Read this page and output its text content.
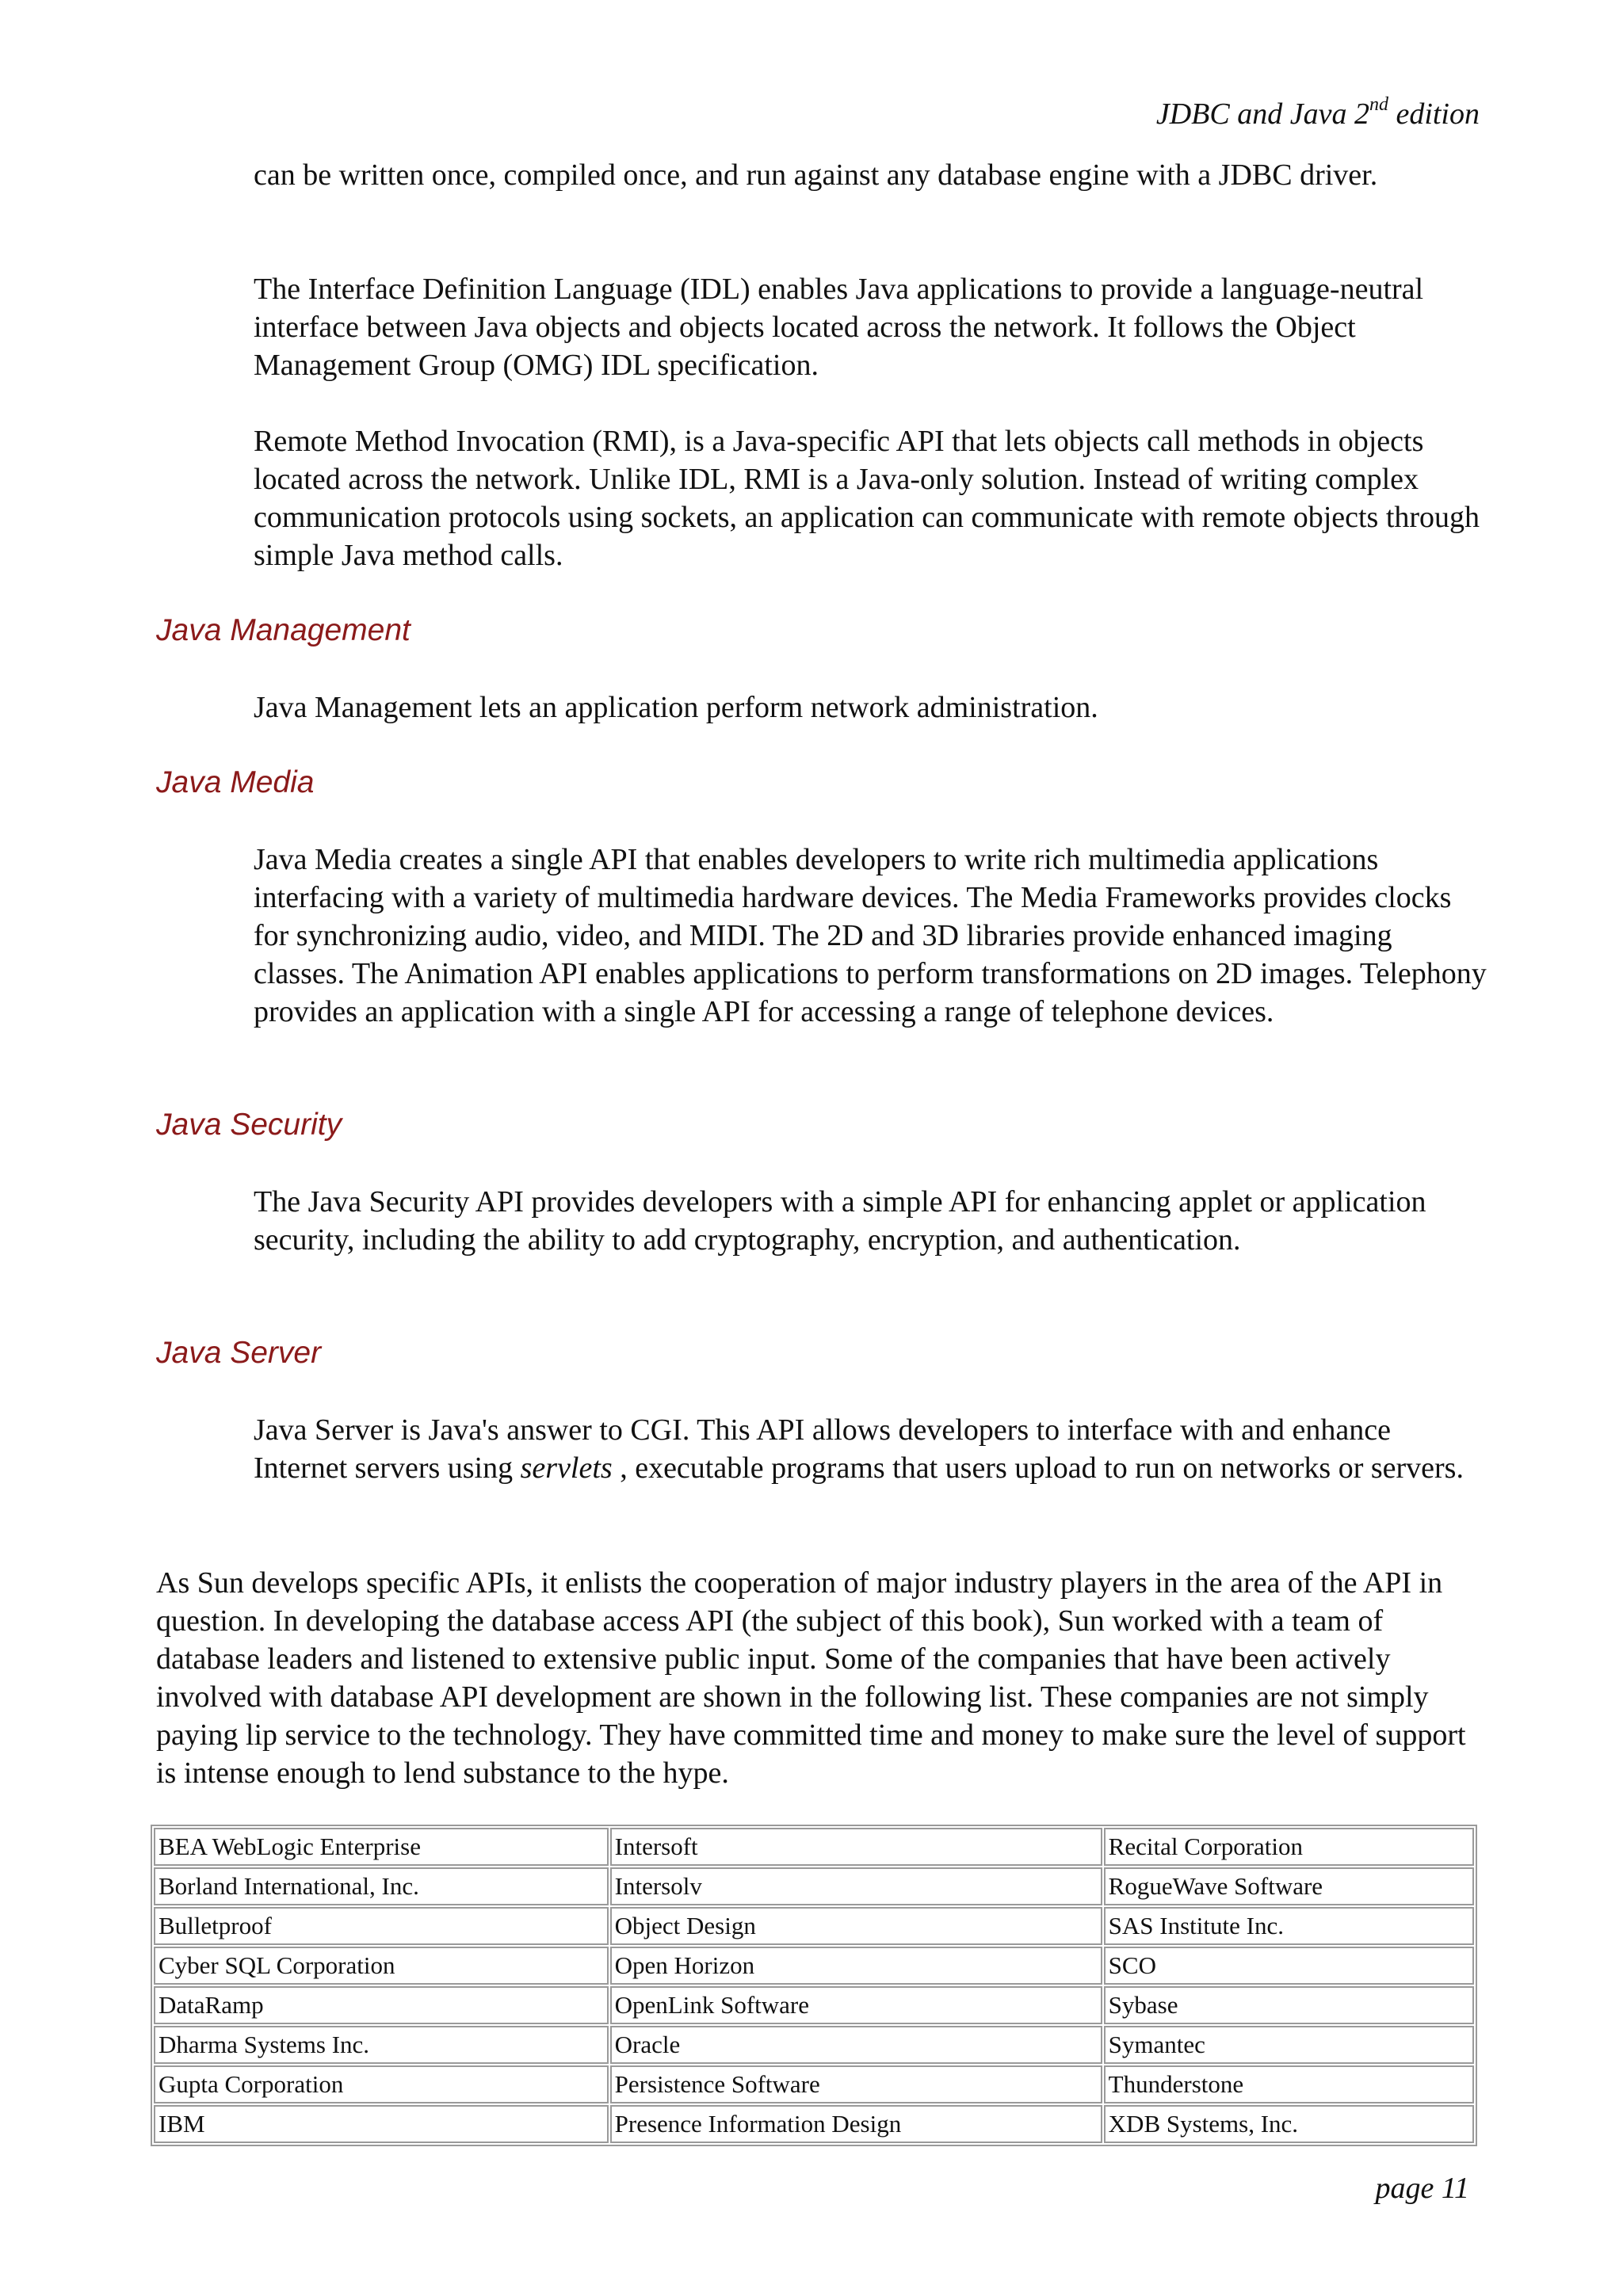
JDBC and Java 2nd edition

can be written once, compiled once, and run against any database engine with a JDBC driver.

The Interface Definition Language (IDL) enables Java applications to provide a language-neutral interface between Java objects and objects located across the network. It follows the Object Management Group (OMG) IDL specification.

Remote Method Invocation (RMI), is a Java-specific API that lets objects call methods in objects located across the network. Unlike IDL, RMI is a Java-only solution. Instead of writing complex communication protocols using sockets, an application can communicate with remote objects through simple Java method calls.

Java Management

Java Management lets an application perform network administration.

Java Media

Java Media creates a single API that enables developers to write rich multimedia applications interfacing with a variety of multimedia hardware devices. The Media Frameworks provides clocks for synchronizing audio, video, and MIDI. The 2D and 3D libraries provide enhanced imaging classes. The Animation API enables applications to perform transformations on 2D images. Telephony provides an application with a single API for accessing a range of telephone devices.

Java Security

The Java Security API provides developers with a simple API for enhancing applet or application security, including the ability to add cryptography, encryption, and authentication.

Java Server

Java Server is Java's answer to CGI. This API allows developers to interface with and enhance Internet servers using servlets , executable programs that users upload to run on networks or servers.

As Sun develops specific APIs, it enlists the cooperation of major industry players in the area of the API in question. In developing the database access API (the subject of this book), Sun worked with a team of database leaders and listened to extensive public input. Some of the companies that have been actively involved with database API development are shown in the following list. These companies are not simply paying lip service to the technology. They have committed time and money to make sure the level of support is intense enough to lend substance to the hype.

BEA WebLogic Enterprise	Intersoft	Recital Corporation
Borland International, Inc.	Intersolv	RogueWave Software
Bulletproof	Object Design	SAS Institute Inc.
Cyber SQL Corporation	Open Horizon	SCO
DataRamp	OpenLink Software	Sybase
Dharma Systems Inc.	Oracle	Symantec
Gupta Corporation	Persistence Software	Thunderstone
IBM	Presence Information Design	XDB Systems, Inc.
page 11
